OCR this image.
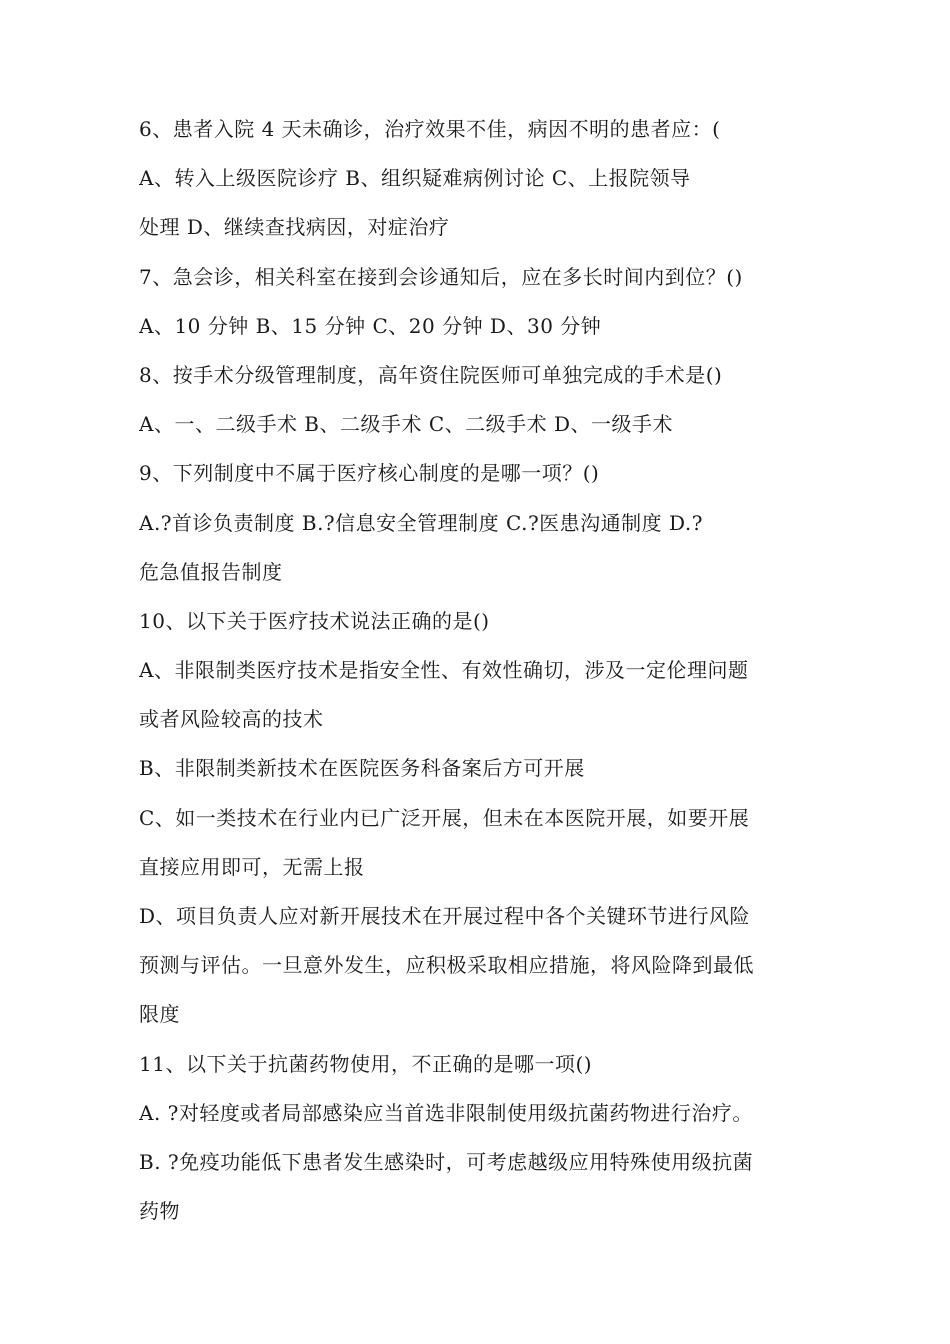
6、患者入院 4 天未确诊，治疗效果不佳，病因不明的患者应：(
A、转入上级医院诊疗 B、组织疑难病例讨论 C、上报院领导
处理 D、继续查找病因，对症治疗
7、急会诊，相关科室在接到会诊通知后，应在多长时间内到位？()
A、10 分钟 B、15 分钟 C、20 分钟 D、30 分钟
8、按手术分级管理制度，高年资住院医师可单独完成的手术是()
A、一、二级手术 B、二级手术 C、二级手术 D、一级手术
9、下列制度中不属于医疗核心制度的是哪一项？()
A.?首诊负责制度 B.?信息安全管理制度 C.?医患沟通制度 D.?
危急值报告制度
10、以下关于医疗技术说法正确的是()
A、非限制类医疗技术是指安全性、有效性确切，涉及一定伦理问题
或者风险较高的技术
B、非限制类新技术在医院医务科备案后方可开展
C、如一类技术在行业内已广泛开展，但未在本医院开展，如要开展
直接应用即可，无需上报
D、项目负责人应对新开展技术在开展过程中各个关键环节进行风险
预测与评估。一旦意外发生，应积极采取相应措施，将风险降到最低
限度
11、以下关于抗菌药物使用，不正确的是哪一项()
A. ?对轻度或者局部感染应当首选非限制使用级抗菌药物进行治疗。
B. ?免疫功能低下患者发生感染时，可考虑越级应用特殊使用级抗菌
药物
